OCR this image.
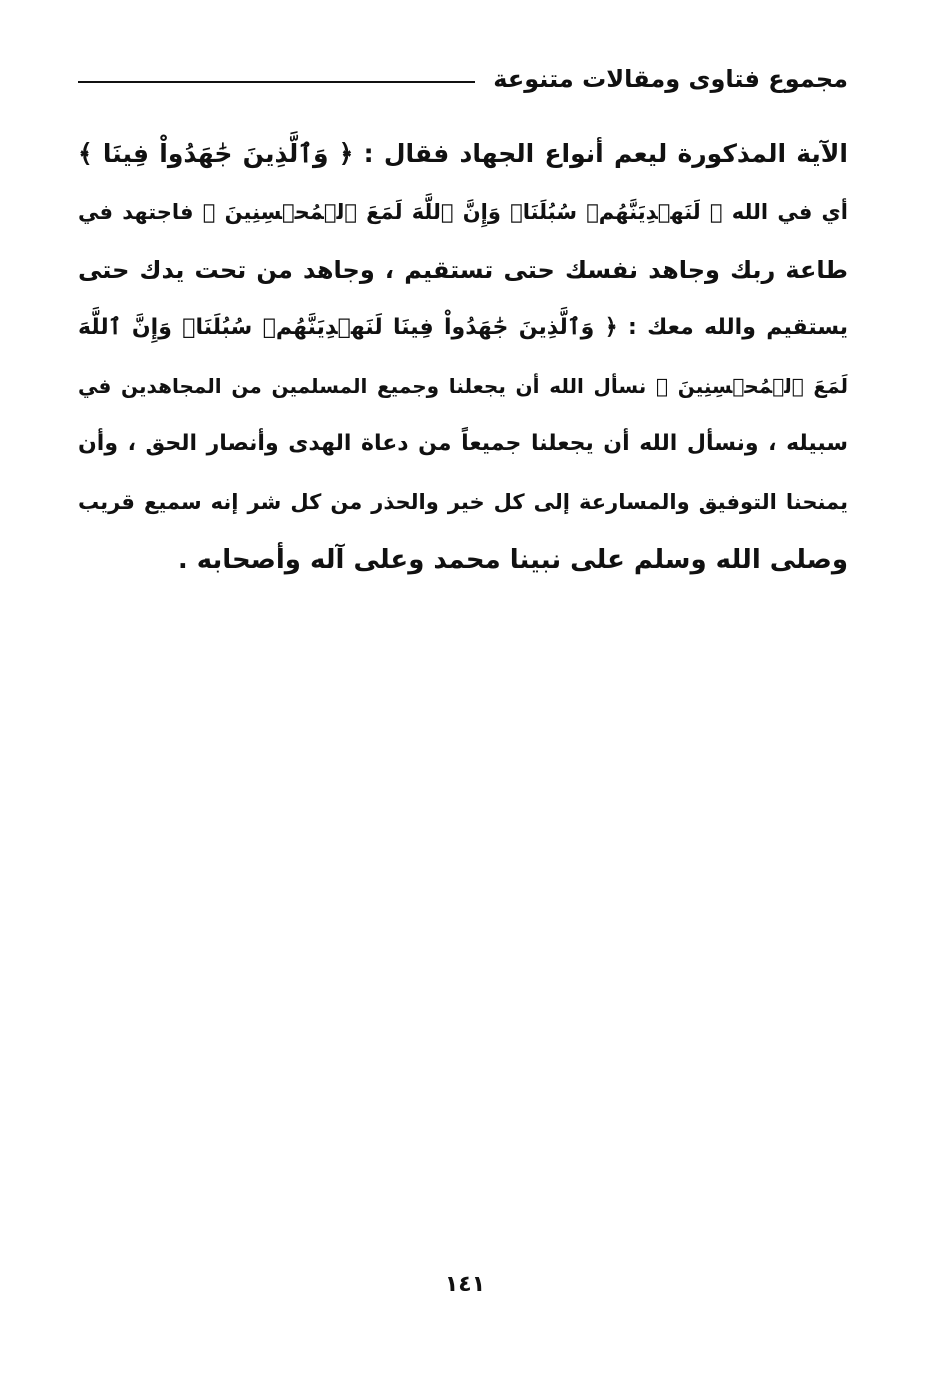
مجموع فتاوى ومقالات متنوعة
الآية المذكورة ليعم أنواع الجهاد فقال : ﴿ وَٱلَّذِينَ جَٰهَدُواْ فِينَا ﴾
أي في الله ﴿ لَنَهۡدِيَنَّهُمۡ سُبُلَنَاۚ وَإِنَّ ٱللَّهَ لَمَعَ ٱلۡمُحۡسِنِينَ ﴾ فاجتهد في
طاعة ربك وجاهد نفسك حتى تستقيم ، وجاهد من تحت يدك حتى
يستقيم والله معك : ﴿ وَٱلَّذِينَ جَٰهَدُواْ فِينَا لَنَهۡدِيَنَّهُمۡ سُبُلَنَاۚ وَإِنَّ ٱللَّهَ
لَمَعَ ٱلۡمُحۡسِنِينَ ﴾ نسأل الله أن يجعلنا وجميع المسلمين من المجاهدين في
سبيله ، ونسأل الله أن يجعلنا جميعاً من دعاة الهدى وأنصار الحق ، وأن
يمنحنا التوفيق والمسارعة إلى كل خير والحذر من كل شر إنه سميع قريب
وصلى الله وسلم على نبينا محمد وعلى آله وأصحابه .
١٤١
